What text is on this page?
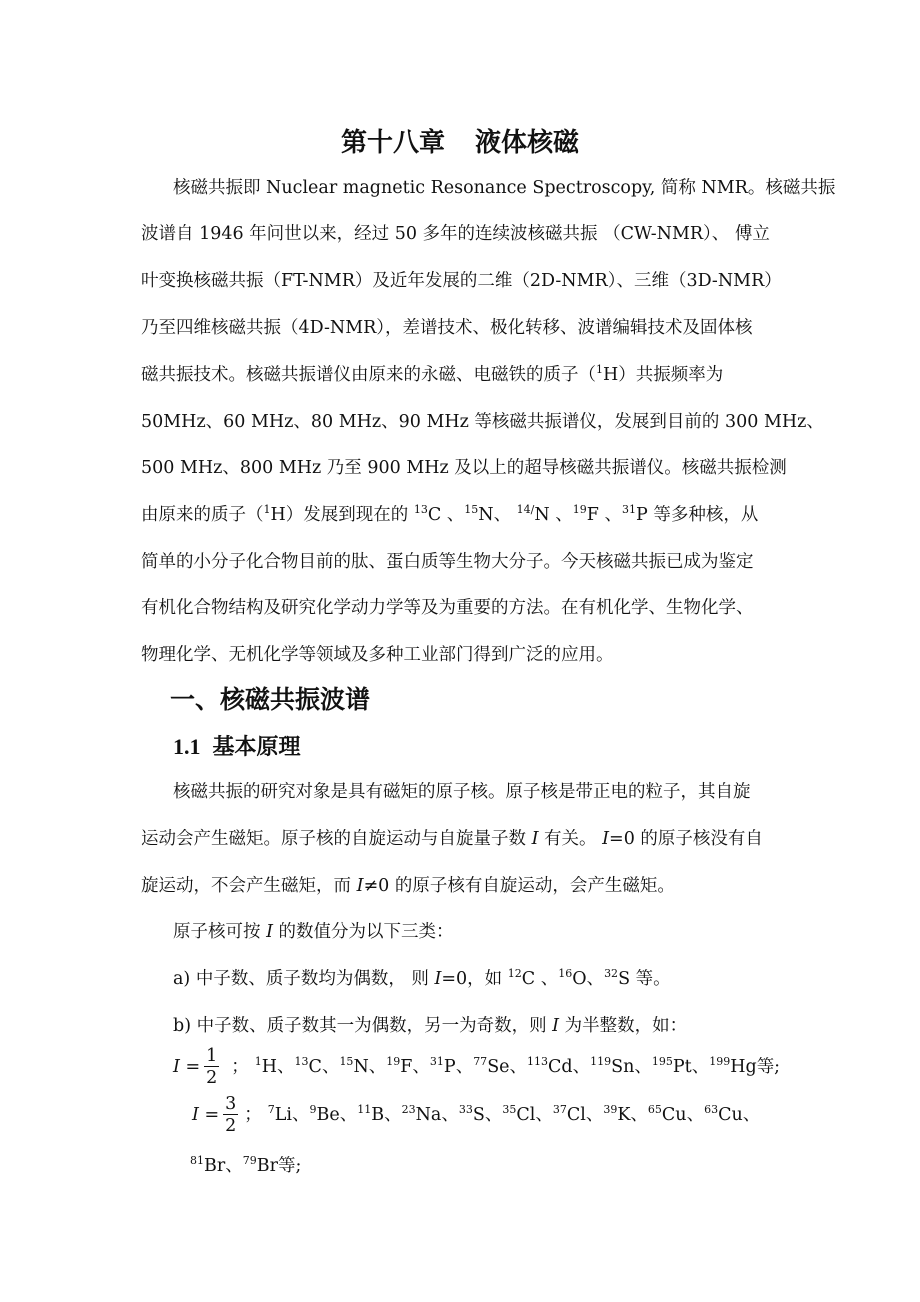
第十八章 液体核磁
核磁共振即 Nuclear magnetic Resonance Spectroscopy, 简称 NMR。核磁共振
波谱自 1946 年问世以来，经过 50 多年的连续波核磁共振 （CW-NMR）、 傅立
叶变换核磁共振（FT-NMR）及近年发展的二维（2D-NMR）、三维（3D-NMR）
乃至四维核磁共振（4D-NMR），差谱技术、极化转移、波谱编辑技术及固体核
磁共振技术。核磁共振谱仪由原来的永磁、电磁铁的质子（$^1$H）共振频率为
50MHz、60 MHz、80 MHz、90 MHz 等核磁共振谱仪，发展到目前的 300 MHz、
500 MHz、800 MHz 乃至 900 MHz 及以上的超导核磁共振谱仪。核磁共振检测
由原来的质子（$^1$H）发展到现在的 $^{13}$C 、$^{15}$N、 $^{14/}$N 、$^{19}$F 、$^{31}$P 等多种核，从
简单的小分子化合物目前的肽、蛋白质等生物大分子。今天核磁共振已成为鉴定
有机化合物结构及研究化学动力学等及为重要的方法。在有机化学、生物化学、
物理化学、无机化学等领域及多种工业部门得到广泛的应用。
一、核磁共振波谱
1.1 基本原理
核磁共振的研究对象是具有磁矩的原子核。原子核是带正电的粒子，其自旋
运动会产生磁矩。原子核的自旋运动与自旋量子数 I 有关。 I=0 的原子核没有自
旋运动，不会产生磁矩，而 I≠0 的原子核有自旋运动，会产生磁矩。
原子核可按 I 的数值分为以下三类：
a) 中子数、质子数均为偶数， 则 I=0，如 $^{12}$C 、$^{16}$O、$^{32}$S 等。
b) 中子数、质子数其一为偶数，另一为奇数，则 I 为半整数，如：
$I = \frac{1}{2}$ ； $^1$H、$^{13}$C、$^{15}$N、$^{19}$F、$^{31}$P、$^{77}$Se、$^{113}$Cd、$^{119}$Sn、$^{195}$Pt、$^{199}$Hg等;
$I = \frac{3}{2}$ ； $^7$Li、$^9$Be、$^{11}$B、$^{23}$Na、$^{33}$S、$^{35}$Cl、$^{37}$Cl、$^{39}$K、$^{65}$Cu、$^{63}$Cu、
$^{81}$Br、$^{79}$Br等;
